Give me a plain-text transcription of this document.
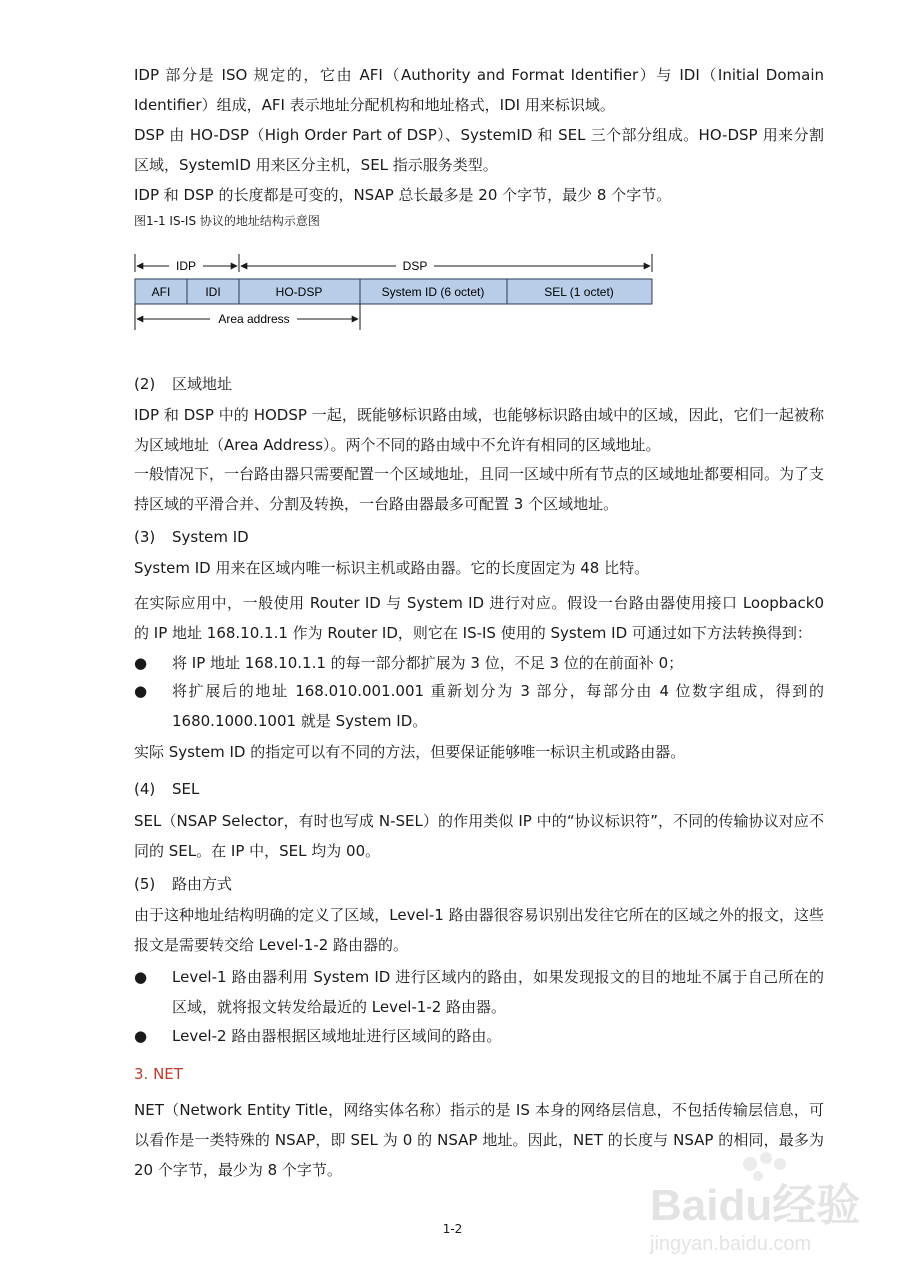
IDP 部分是 ISO 规定的，它由 AFI（Authority and Format Identifier）与 IDI（Initial Domain Identifier）组成，AFI 表示地址分配机构和地址格式，IDI 用来标识域。

DSP 由 HO-DSP（High Order Part of DSP）、SystemID 和 SEL 三个部分组成。HO-DSP 用来分割区域，SystemID 用来区分主机，SEL 指示服务类型。

IDP 和 DSP 的长度都是可变的，NSAP 总长最多是 20 个字节，最少 8 个字节。

图1-1 IS-IS 协议的地址结构示意图

IDP	DSP
AFI	IDI	HO-DSP	System ID (6 octet)	SEL (1 octet)
Area address

(2) 区域地址

IDP 和 DSP 中的 HODSP 一起，既能够标识路由域，也能够标识路由域中的区域，因此，它们一起被称为区域地址（Area Address）。两个不同的路由域中不允许有相同的区域地址。

一般情况下，一台路由器只需要配置一个区域地址，且同一区域中所有节点的区域地址都要相同。为了支持区域的平滑合并、分割及转换，一台路由器最多可配置 3 个区域地址。

(3) System ID

System ID 用来在区域内唯一标识主机或路由器。它的长度固定为 48 比特。

在实际应用中，一般使用 Router ID 与 System ID 进行对应。假设一台路由器使用接口 Loopback0 的 IP 地址 168.10.1.1 作为 Router ID，则它在 IS-IS 使用的 System ID 可通过如下方法转换得到：

●	将 IP 地址 168.10.1.1 的每一部分都扩展为 3 位，不足 3 位的在前面补 0；
●	将扩展后的地址 168.010.001.001 重新划分为 3 部分，每部分由 4 位数字组成，得到的 1680.1000.1001 就是 System ID。

实际 System ID 的指定可以有不同的方法，但要保证能够唯一标识主机或路由器。

(4) SEL

SEL（NSAP Selector，有时也写成 N-SEL）的作用类似 IP 中的“协议标识符”，不同的传输协议对应不同的 SEL。在 IP 中，SEL 均为 00。

(5) 路由方式

由于这种地址结构明确的定义了区域，Level-1 路由器很容易识别出发往它所在的区域之外的报文，这些报文是需要转交给 Level-1-2 路由器的。

●	Level-1 路由器利用 System ID 进行区域内的路由，如果发现报文的目的地址不属于自己所在的区域，就将报文转发给最近的 Level-1-2 路由器。
●	Level-2 路由器根据区域地址进行区域间的路由。

3. NET

NET（Network Entity Title，网络实体名称）指示的是 IS 本身的网络层信息，不包括传输层信息，可以看作是一类特殊的 NSAP，即 SEL 为 0 的 NSAP 地址。因此，NET 的长度与 NSAP 的相同，最多为 20 个字节，最少为 8 个字节。

Baidu经验
jingyan.baidu.com
1-2
